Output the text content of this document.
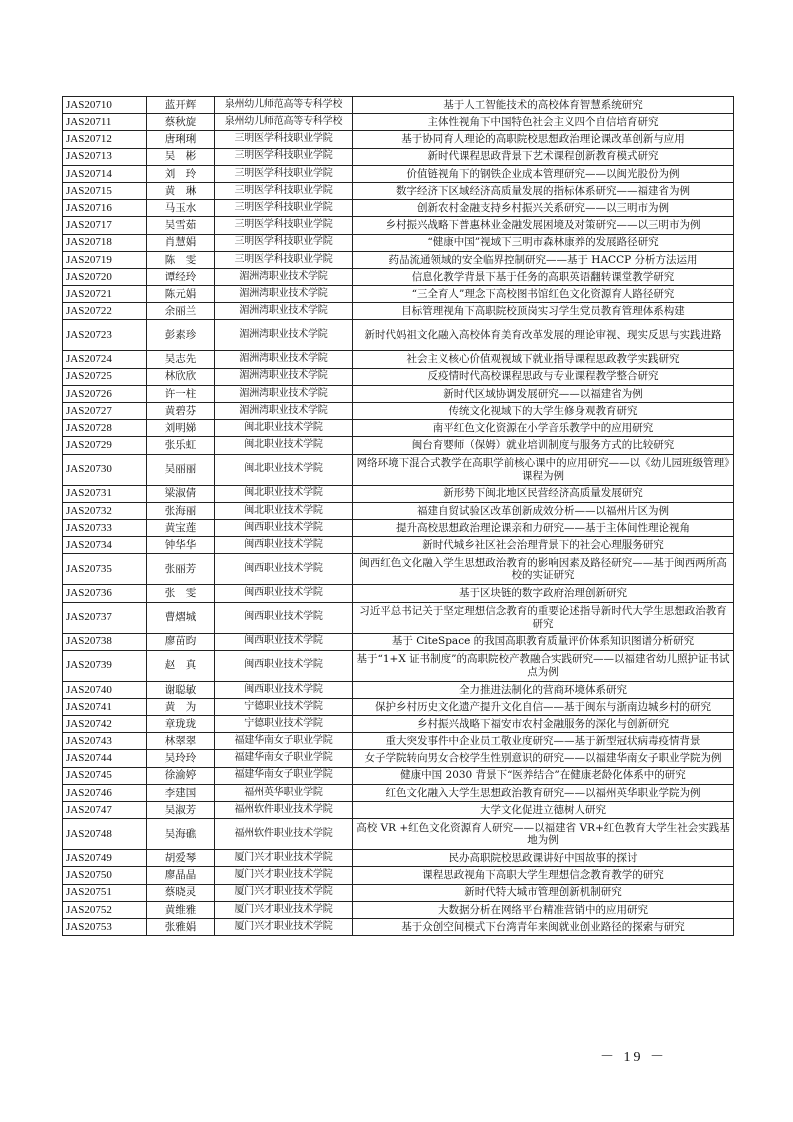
JAS20710	蓝开辉	泉州幼儿师范高等专科学校	基于人工智能技术的高校体育智慧系统研究
JAS20711	蔡秋旋	泉州幼儿师范高等专科学校	主体性视角下中国特色社会主义四个自信培育研究
JAS20712	唐琍琍	三明医学科技职业学院	基于协同育人理论的高职院校思想政治理论课改革创新与应用
JAS20713	吴　彬	三明医学科技职业学院	新时代课程思政背景下艺术课程创新教育模式研究
JAS20714	刘　玲	三明医学科技职业学院	价值链视角下的钢铁企业成本管理研究——以闽光股份为例
JAS20715	黄　琳	三明医学科技职业学院	数字经济下区域经济高质量发展的指标体系研究——福建省为例
JAS20716	马玉水	三明医学科技职业学院	创新农村金融支持乡村振兴关系研究——以三明市为例
JAS20717	吴雪茹	三明医学科技职业学院	乡村振兴战略下普惠林业金融发展困境及对策研究——以三明市为例
JAS20718	肖慧娟	三明医学科技职业学院	“健康中国”视域下三明市森林康养的发展路径研究
JAS20719	陈　雯	三明医学科技职业学院	药品流通领域的安全临界控制研究——基于 HACCP 分析方法运用
JAS20720	谭经玲	湄洲湾职业技术学院	信息化教学背景下基于任务的高职英语翻转课堂教学研究
JAS20721	陈元娟	湄洲湾职业技术学院	“三全育人”理念下高校图书馆红色文化资源育人路径研究
JAS20722	余丽兰	湄洲湾职业技术学院	目标管理视角下高职院校顶岗实习学生党员教育管理体系构建
JAS20723	彭素珍	湄洲湾职业技术学院	新时代妈祖文化融入高校体育美育改革发展的理论审视、现实反思与实践进路
JAS20724	吴志先	湄洲湾职业技术学院	社会主义核心价值观视域下就业指导课程思政教学实践研究
JAS20725	林欣欣	湄洲湾职业技术学院	反疫情时代高校课程思政与专业课程教学整合研究
JAS20726	许一柱	湄洲湾职业技术学院	新时代区域协调发展研究——以福建省为例
JAS20727	黄碧芬	湄洲湾职业技术学院	传统文化视域下的大学生修身观教育研究
JAS20728	刘明娣	闽北职业技术学院	南平红色文化资源在小学音乐教学中的应用研究
JAS20729	张乐虹	闽北职业技术学院	闽台育婴师（保姆）就业培训制度与服务方式的比较研究
JAS20730	吴丽丽	闽北职业技术学院	网络环境下混合式教学在高职学前核心课中的应用研究——以《幼儿园班级管理》课程为例
JAS20731	梁淑倩	闽北职业技术学院	新形势下闽北地区民营经济高质量发展研究
JAS20732	张海丽	闽北职业技术学院	福建自贸试验区改革创新成效分析——以福州片区为例
JAS20733	黄宝莲	闽西职业技术学院	提升高校思想政治理论课亲和力研究——基于主体间性理论视角
JAS20734	钟华华	闽西职业技术学院	新时代城乡社区社会治理背景下的社会心理服务研究
JAS20735	张丽芳	闽西职业技术学院	闽西红色文化融入学生思想政治教育的影响因素及路径研究——基于闽西两所高校的实证研究
JAS20736	张　雯	闽西职业技术学院	基于区块链的数字政府治理创新研究
JAS20737	曹熠城	闽西职业技术学院	习近平总书记关于坚定理想信念教育的重要论述指导新时代大学生思想政治教育研究
JAS20738	廖苗昀	闽西职业技术学院	基于 CiteSpace 的我国高职教育质量评价体系知识图谱分析研究
JAS20739	赵　真	闽西职业技术学院	基于“1+X 证书制度”的高职院校产教融合实践研究——以福建省幼儿照护证书试点为例
JAS20740	谢聪敏	闽西职业技术学院	全力推进法制化的营商环境体系研究
JAS20741	黄　为	宁德职业技术学院	保护乡村历史文化遗产提升文化自信——基于闽东与浙南边城乡村的研究
JAS20742	章珑珑	宁德职业技术学院	乡村振兴战略下福安市农村金融服务的深化与创新研究
JAS20743	林翠翠	福建华南女子职业学院	重大突发事件中企业员工敬业度研究——基于新型冠状病毒疫情背景
JAS20744	吴玲玲	福建华南女子职业学院	女子学院转向男女合校学生性别意识的研究——以福建华南女子职业学院为例
JAS20745	徐渝婷	福建华南女子职业学院	健康中国 2030 背景下“医养结合”在健康老龄化体系中的研究
JAS20746	李建国	福州英华职业学院	红色文化融入大学生思想政治教育研究——以福州英华职业学院为例
JAS20747	吴淑芳	福州软件职业技术学院	大学文化促进立德树人研究
JAS20748	吴海礁	福州软件职业技术学院	高校 VR +红色文化资源育人研究——以福建省 VR+红色教育大学生社会实践基地为例
JAS20749	胡爱琴	厦门兴才职业技术学院	民办高职院校思政课讲好中国故事的探讨
JAS20750	廖晶晶	厦门兴才职业技术学院	课程思政视角下高职大学生理想信念教育教学的研究
JAS20751	蔡晓灵	厦门兴才职业技术学院	新时代特大城市管理创新机制研究
JAS20752	黄维雅	厦门兴才职业技术学院	大数据分析在网络平台精准营销中的应用研究
JAS20753	张雅娟	厦门兴才职业技术学院	基于众创空间模式下台湾青年来闽就业创业路径的探索与研究
－ 19 －
